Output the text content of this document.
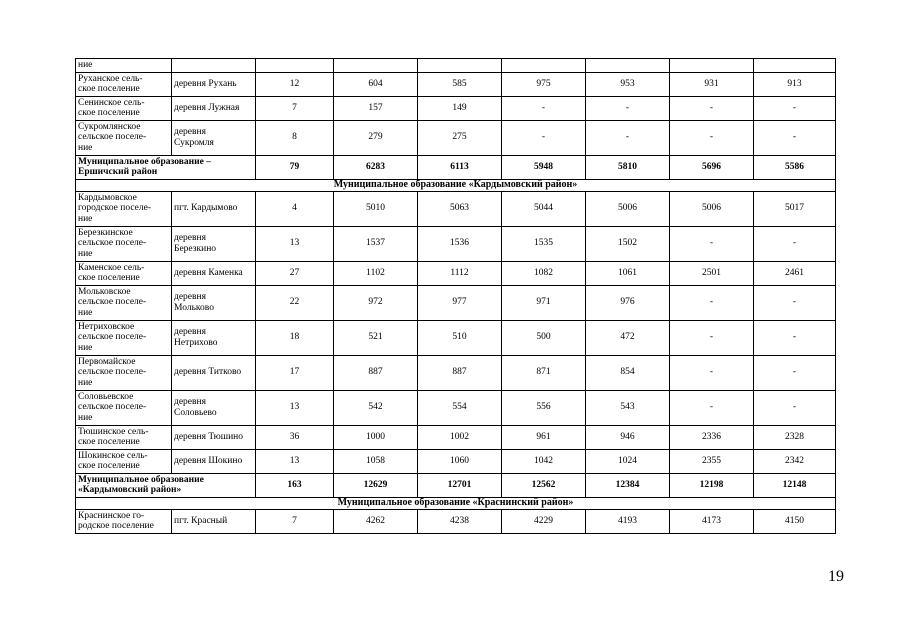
ние								
Руханское сель-
ское поселение	деревня Рухань	12	604	585	975	953	931	913
Сенинское сель-
ское поселение	деревня Лужная	7	157	149	-	-	-	-
Сукромлянское
сельское поселе-
ние	деревня
Сукромля	8	279	275	-	-	-	-
Муниципальное образование –
Ершичский район		79	6283	6113	5948	5810	5696	5586
Муниципальное образование «Кардымовский район»								
Кардымовское
городское поселе-
ние	пгт. Кардымово	4	5010	5063	5044	5006	5006	5017
Березкинское
сельское поселе-
ние	деревня
Березкино	13	1537	1536	1535	1502	-	-
Каменское сель-
ское поселение	деревня Каменка	27	1102	1112	1082	1061	2501	2461
Мольковское
сельское поселе-
ние	деревня
Мольково	22	972	977	971	976	-	-
Нетриховское
сельское поселе-
ние	деревня
Нетриховo	18	521	510	500	472	-	-
Первомайское
сельское поселе-
ние	деревня Титково	17	887	887	871	854	-	-
Соловьевское
сельское поселе-
ние	деревня
Соловьево	13	542	554	556	543	-	-
Тюшинское сель-
ское поселение	деревня Тюшино	36	1000	1002	961	946	2336	2328
Шокинское сель-
ское поселение	деревня Шокино	13	1058	1060	1042	1024	2355	2342
Муниципальное образование
«Кардымовский район»		163	12629	12701	12562	12384	12198	12148
Муниципальное образование «Краснинский район»								
Краснинское го-
родское поселение	пгт. Красный	7	4262	4238	4229	4193	4173	4150
19
